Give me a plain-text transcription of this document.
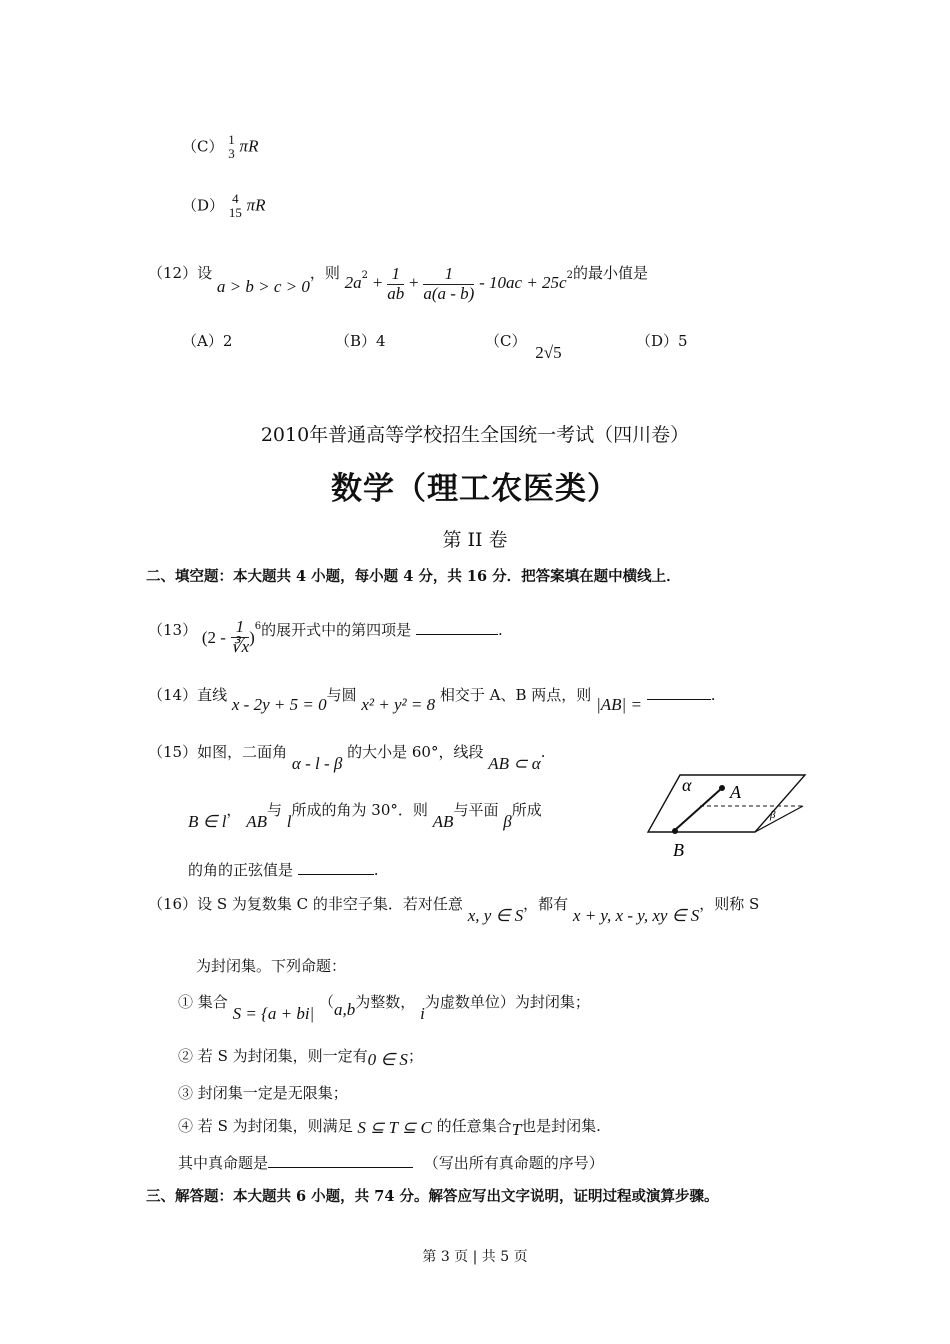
（C） 1
3 πR
（D） 4
15 πR
（12）设 a > b > c > 0，则 $2a^2 + \frac{1}{ab} + \frac{1}{a(a - b)} - 10ac + 25c^2$的最小值是
（A）2	（B）4	（C） 2√5
（D）5
2010年普通高等学校招生全国统一考试（四川卷）
数学（理工农医类）
第 II 卷
二、填空题：本大题共 4 小题，每小题 4 分，共 16 分．把答案填在题中横线上．
（13） $(2 - \frac{1}{∛x} )^6$的展开式中的第四项是	.
（14）直线 x - 2y + 5 = 0与圆 x² + y² = 8 相交于 A、B 两点，则 |AB| =	.
（15）如图，二面角 α - l - β 的大小是 60°，线段 AB ⊂ α.
B ∈ l， AB与 l所成的角为 30°．则 AB与平面 β所成
的角的正弦值是	.
α A
β
B
（16）设 S 为复数集 C 的非空子集．若对任意 x, y ∈ S，都有 x + y, x - y, xy ∈ S，则称 S
为封闭集。下列命题：
① 集合 S = {a + bi| （a,b为整数， i为虚数单位）为封闭集；
② 若 S 为封闭集，则一定有0 ∈ S；
③ 封闭集一定是无限集；
④ 若 S 为封闭集，则满足 S ⊆ T ⊆ C 的任意集合T也是封闭集.
其中真命题是	（写出所有真命题的序号）
三、解答题：本大题共 6 小题，共 74 分。解答应写出文字说明，证明过程或演算步骤。
第 3 页 | 共 5 页
